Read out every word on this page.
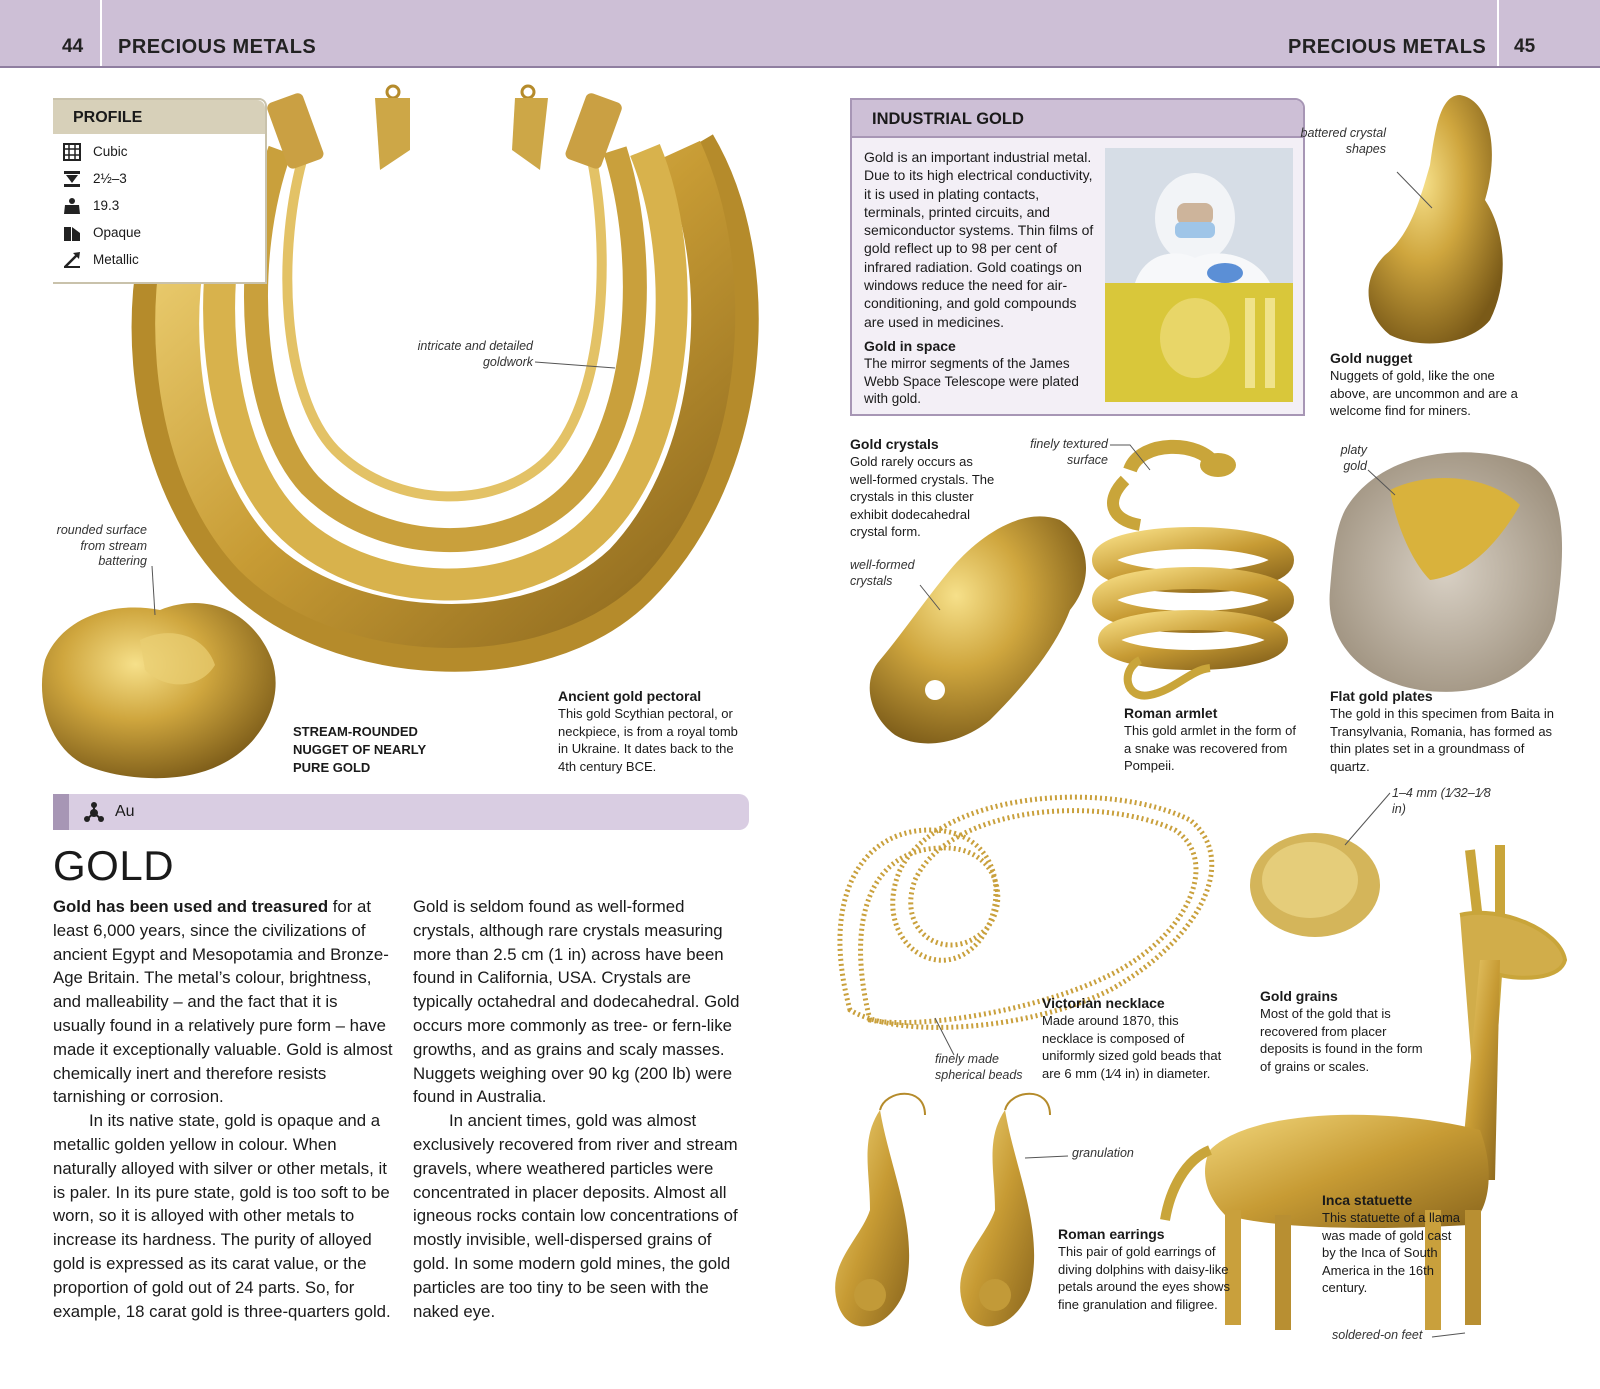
44 PRECIOUS METALS	PRECIOUS METALS 45
PROFILE
Cubic
2½–3
19.3
Opaque
Metallic
intricate and detailed goldwork
Ancient gold pectoral
This gold Scythian pectoral, or neckpiece, is from a royal tomb in Ukraine. It dates back to the 4th century BCE.
rounded surface from stream battering
STREAM-ROUNDED NUGGET OF NEARLY PURE GOLD
Au
GOLD

Gold has been used and treasured for at least 6,000 years, since the civilizations of ancient Egypt and Mesopotamia and Bronze-Age Britain. The metal’s colour, brightness, and malleability – and the fact that it is usually found in a relatively pure form – have made it exceptionally valuable. Gold is almost chemically inert and therefore resists tarnishing or corrosion.

In its native state, gold is opaque and a metallic golden yellow in colour. When naturally alloyed with silver or other metals, it is paler. In its pure state, gold is too soft to be worn, so it is alloyed with other metals to increase its hardness. The purity of alloyed gold is expressed as its carat value, or the proportion of gold out of 24 parts. So, for example, 18 carat gold is three-quarters gold.

Gold is seldom found as well-formed crystals, although rare crystals measuring more than 2.5 cm (1 in) across have been found in California, USA. Crystals are typically octahedral and dodecahedral. Gold occurs more commonly as tree- or fern-like growths, and as grains and scaly masses. Nuggets weighing over 90 kg (200 lb) were found in Australia.

In ancient times, gold was almost exclusively recovered from river and stream gravels, where weathered particles were concentrated in placer deposits. Almost all igneous rocks contain low concentrations of mostly invisible, well-dispersed grains of gold. In some modern gold mines, the gold particles are too tiny to be seen with the naked eye.

INDUSTRIAL GOLD
Gold is an important industrial metal. Due to its high electrical conductivity, it is used in plating contacts, terminals, printed circuits, and semiconductor systems. Thin films of gold reflect up to 98 per cent of infrared radiation. Gold coatings on windows reduce the need for air-conditioning, and gold compounds are used in medicines.
Gold in space
The mirror segments of the James Webb Space Telescope were plated with gold.
battered crystal shapes
Gold nugget
Nuggets of gold, like the one above, are uncommon and are a welcome find for miners.
Gold crystals
Gold rarely occurs as well-formed crystals. The crystals in this cluster exhibit dodecahedral crystal form.
well-formed crystals
finely textured surface
Roman armlet
This gold armlet in the form of a snake was recovered from Pompeii.
platy gold
Flat gold plates
The gold in this specimen from Baita in Transylvania, Romania, has formed as thin plates set in a groundmass of quartz.
1–4 mm (1⁄32–1⁄8 in)
Gold grains
Most of the gold that is recovered from placer deposits is found in the form of grains or scales.
Victorian necklace
Made around 1870, this necklace is composed of uniformly sized gold beads that are 6 mm (1⁄4 in) in diameter.
finely made spherical beads
granulation
Roman earrings
This pair of gold earrings of diving dolphins with daisy-like petals around the eyes shows fine granulation and filigree.
Inca statuette
This statuette of a llama was made of gold cast by the Inca of South America in the 16th century.
soldered-on feet
